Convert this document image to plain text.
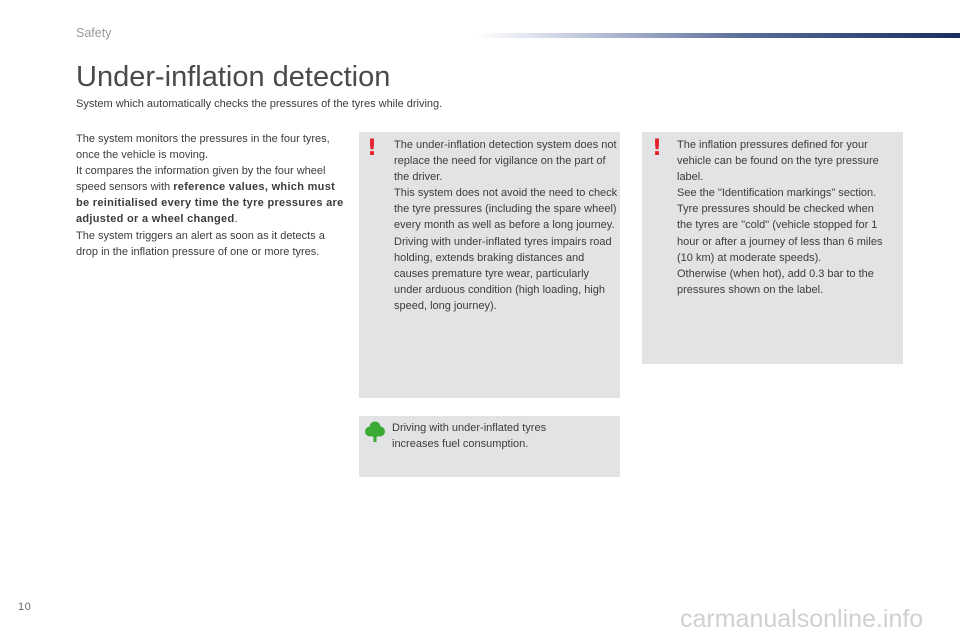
Safety
Under-inflation detection
System which automatically checks the pressures of the tyres while driving.

The system monitors the pressures in the four tyres, once the vehicle is moving.

It compares the information given by the four wheel speed sensors with reference values, which must be reinitialised every time the tyre pressures are adjusted or a wheel changed.

The system triggers an alert as soon as it detects a drop in the inflation pressure of one or more tyres.

! The under-inflation detection system does not replace the need for vigilance on the part of the driver.

This system does not avoid the need to check the tyre pressures (including the spare wheel) every month as well as before a long journey.

Driving with under-inflated tyres impairs road holding, extends braking distances and causes premature tyre wear, particularly under arduous condition (high loading, high speed, long journey).

! The inflation pressures defined for your vehicle can be found on the tyre pressure label.

See the "Identification markings" section.

Tyre pressures should be checked when the tyres are "cold" (vehicle stopped for 1 hour or after a journey of less than 6 miles (10 km) at moderate speeds).

Otherwise (when hot), add 0.3 bar to the pressures shown on the label.

Driving with under-inflated tyres increases fuel consumption.
10	carmanualsonline.info
